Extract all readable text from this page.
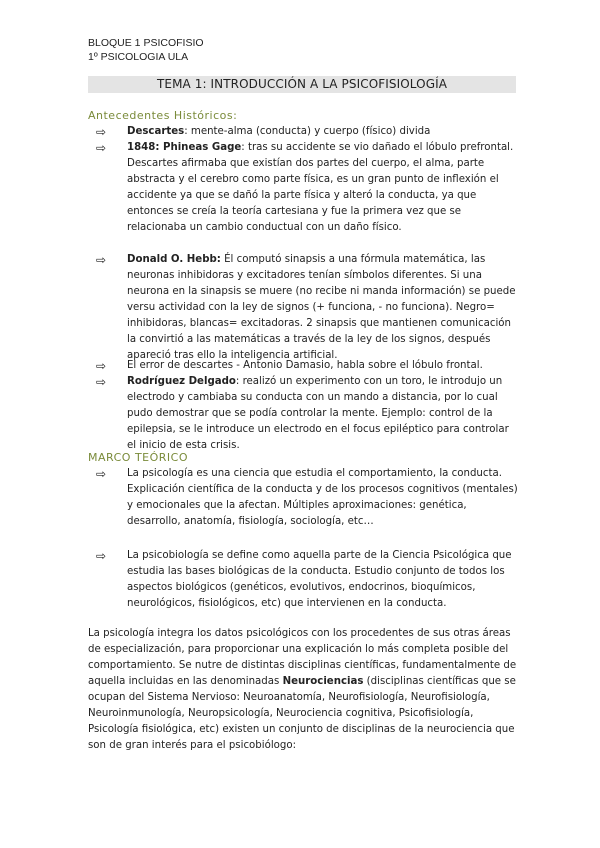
BLOQUE 1 PSICOFISIO
1º PSICOLOGIA ULA
TEMA 1: INTRODUCCIÓN A LA PSICOFISIOLOGÍA
Antecedentes Históricos:
⇨	Descartes: mente-alma (conducta) y cuerpo (físico) divida
⇨	1848: Phineas Gage: tras su accidente se vio dañado el lóbulo prefrontal. Descartes afirmaba que existían dos partes del cuerpo, el alma, parte abstracta y el cerebro como parte física, es un gran punto de inflexión el accidente ya que se dañó la parte física y alteró la conducta, ya que entonces se creía la teoría cartesiana y fue la primera vez que se relacionaba un cambio conductual con un daño físico.
⇨	Donald O. Hebb: Él computó sinapsis a una fórmula matemática, las neuronas inhibidoras y excitadores tenían símbolos diferentes. Si una neurona en la sinapsis se muere (no recibe ni manda información) se puede versu actividad con la ley de signos (+ funciona, - no funciona). Negro= inhibidoras, blancas= excitadoras. 2 sinapsis que mantienen comunicación la convirtió a las matemáticas a través de la ley de los signos, después apareció tras ello la inteligencia artificial.
⇨	El error de descartes - Antonio Damasio, habla sobre el lóbulo frontal.
⇨	Rodríguez Delgado: realizó un experimento con un toro, le introdujo un electrodo y cambiaba su conducta con un mando a distancia, por lo cual pudo demostrar que se podía controlar la mente. Ejemplo: control de la epilepsia, se le introduce un electrodo en el focus epiléptico para controlar el inicio de esta crisis.
MARCO TEÓRICO
⇨	La psicología es una ciencia que estudia el comportamiento, la conducta. Explicación científica de la conducta y de los procesos cognitivos (mentales) y emocionales que la afectan. Múltiples aproximaciones: genética, desarrollo, anatomía, fisiología, sociología, etc…
⇨	La psicobiología se define como aquella parte de la Ciencia Psicológica que estudia las bases biológicas de la conducta. Estudio conjunto de todos los aspectos biológicos (genéticos, evolutivos, endocrinos, bioquímicos, neurológicos, fisiológicos, etc) que intervienen en la conducta.
La psicología integra los datos psicológicos con los procedentes de sus otras áreas de especialización, para proporcionar una explicación lo más completa posible del comportamiento. Se nutre de distintas disciplinas científicas, fundamentalmente de aquella incluidas en las denominadas Neurociencias (disciplinas científicas que se ocupan del Sistema Nervioso: Neuroanatomía, Neurofisiología, Neurofisiología, Neuroinmunología, Neuropsicología, Neurociencia cognitiva, Psicofisiología, Psicología fisiológica, etc) existen un conjunto de disciplinas de la neurociencia que son de gran interés para el psicobiólogo:
